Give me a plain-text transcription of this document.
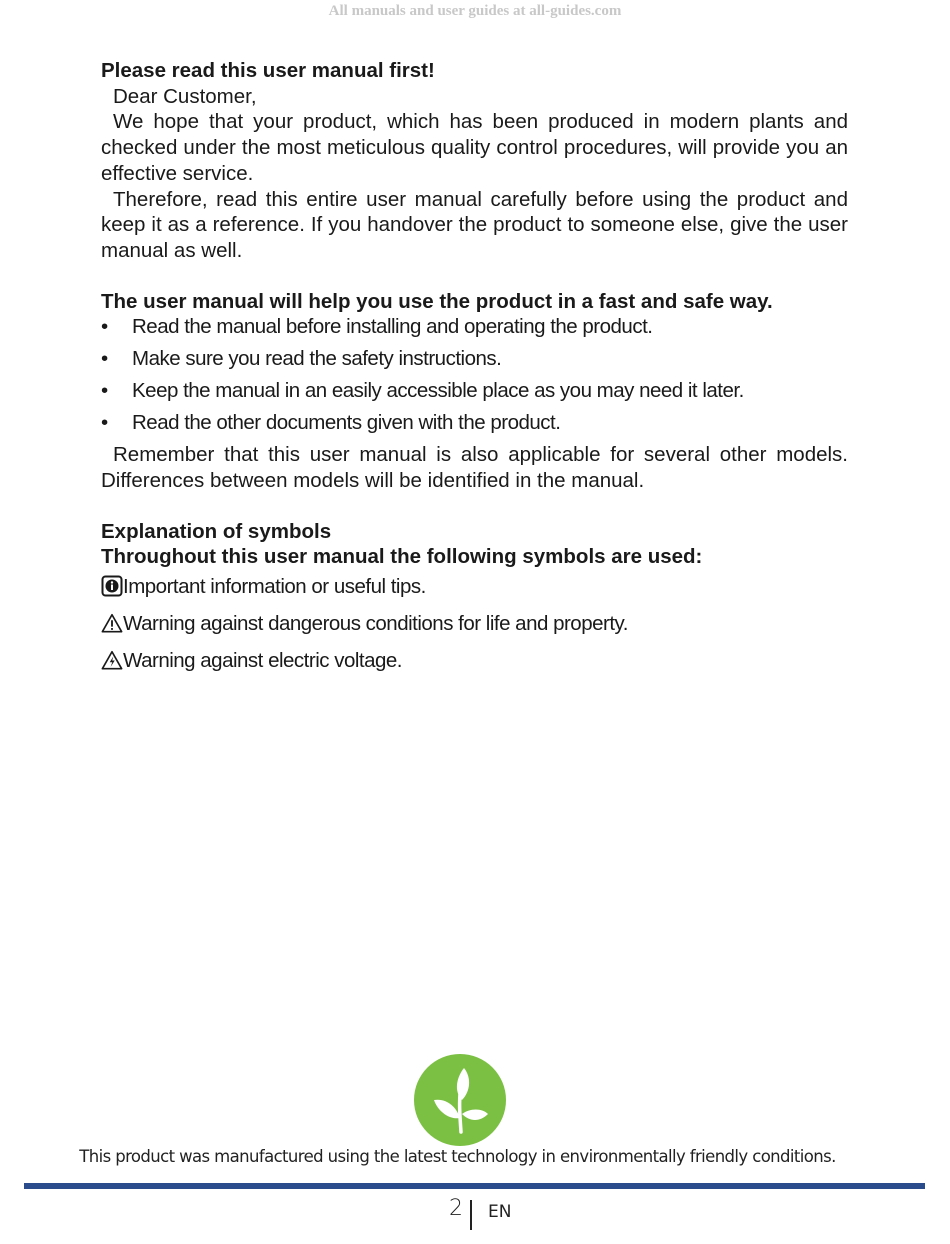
All manuals and user guides at all-guides.com

Please read this user manual first!

Dear Customer,

We hope that your product, which has been produced in modern plants and checked under the most meticulous quality control procedures, will provide you an effective service.

Therefore, read this entire user manual carefully before using the product and keep it as a reference. If you handover the product to someone else, give the user manual as well.

The user manual will help you use the product in a fast and safe way.

•	Read the manual before installing and operating the product.
•	Make sure you read the safety instructions.
•	Keep the manual in an easily accessible place as you may need it later.
•	Read the other documents given with the product.

Remember that this user manual is also applicable for several other models. Differences between models will be identified in the manual.

Explanation of symbols

Throughout this user manual the following symbols are used:

Important information or useful tips.
Warning against dangerous conditions for life and property.
Warning against electric voltage.
This product was manufactured using the latest technology in environmentally friendly conditions.
2 EN
